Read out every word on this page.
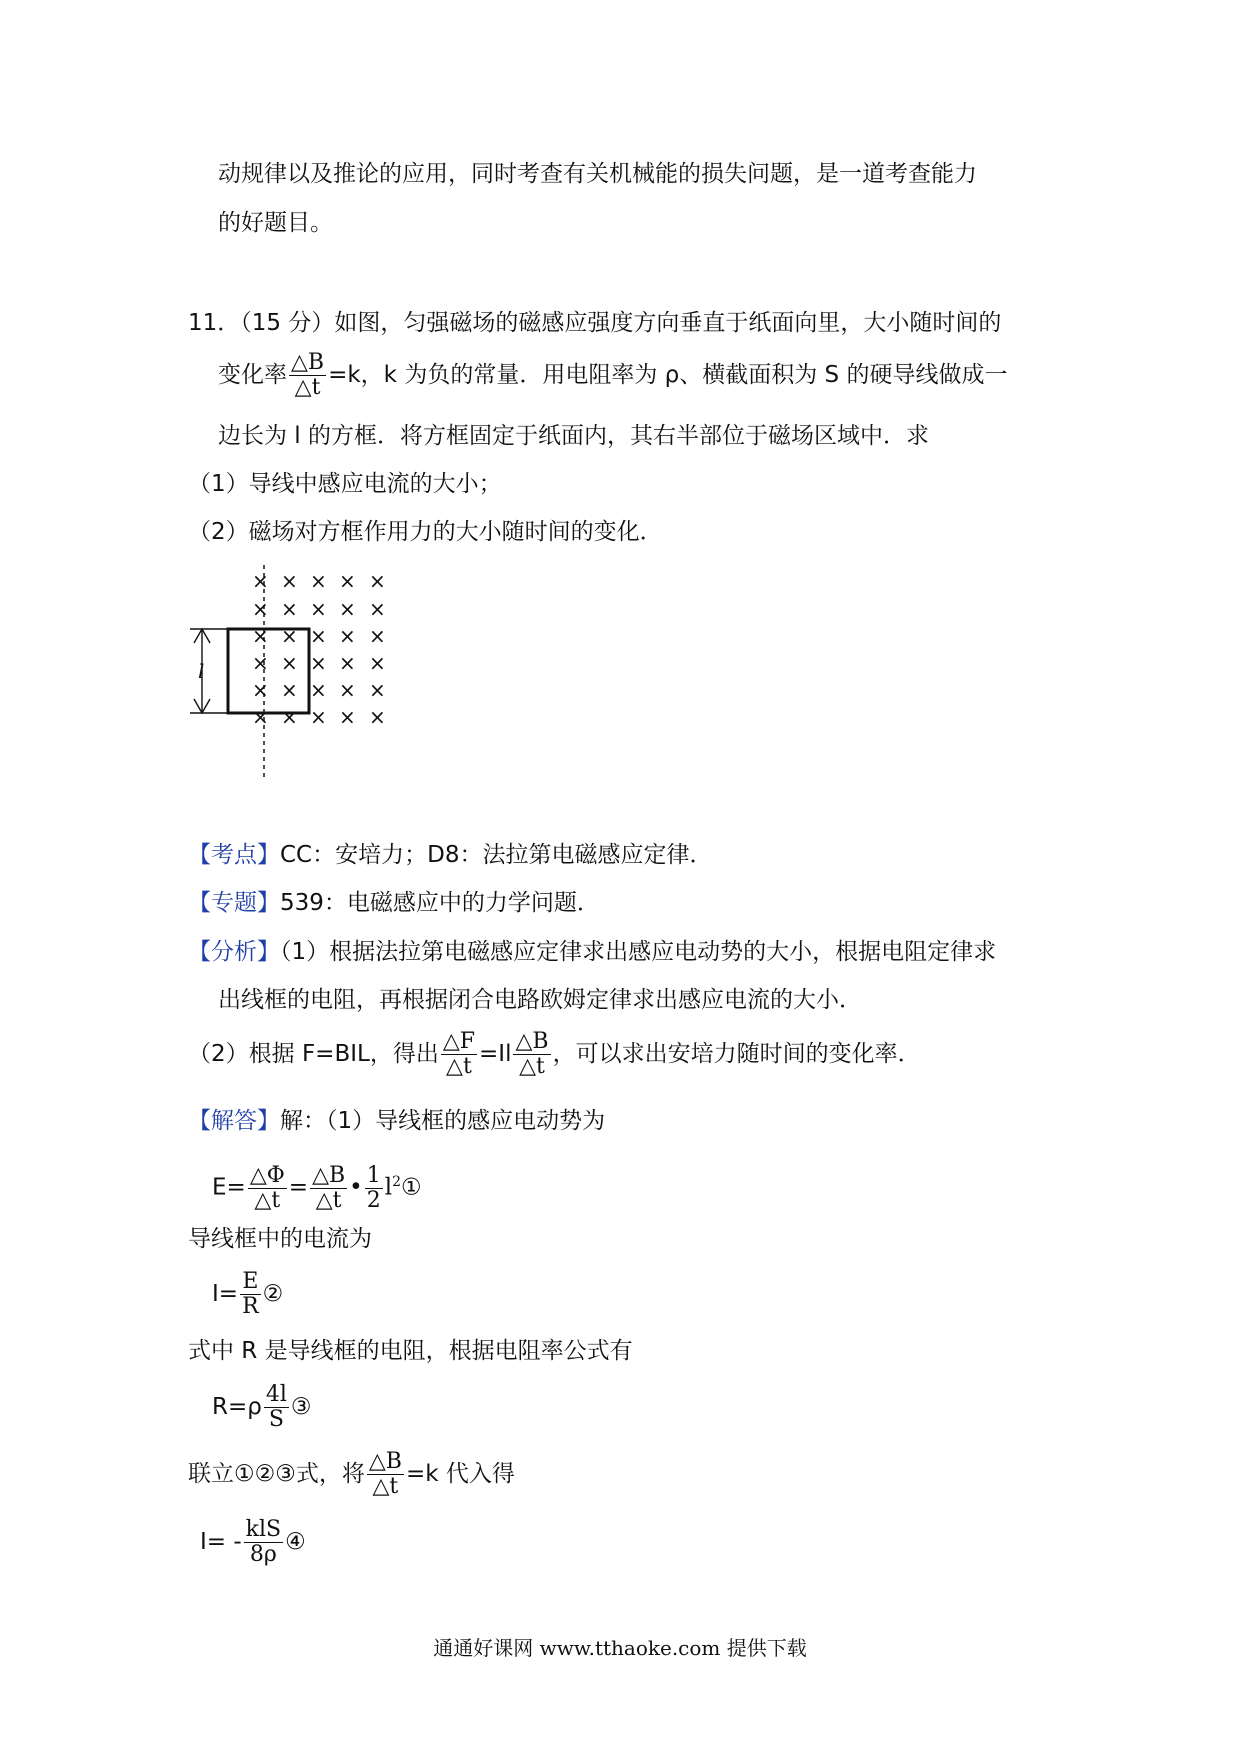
动规律以及推论的应用，同时考查有关机械能的损失问题，是一道考查能力
的好题目。
11．（15 分）如图，匀强磁场的磁感应强度方向垂直于纸面向里，大小随时间的
变化率 $\frac{\triangle B}{\triangle t} =k$，k 为负的常量．用电阻率为 ρ、横截面积为 S 的硬导线做成一
边长为 l 的方框．将方框固定于纸面内，其右半部位于磁场区域中．求
（1）导线中感应电流的大小；
（2）磁场对方框作用力的大小随时间的变化．
l
× × × × ×
× × × × ×
× × × × ×
× × × × ×
× × × × ×
× × × × ×
【考点】CC：安培力；D8：法拉第电磁感应定律．
【专题】539：电磁感应中的力学问题．
【分析】（1）根据法拉第电磁感应定律求出感应电动势的大小，根据电阻定律求
出线框的电阻，再根据闭合电路欧姆定律求出感应电流的大小．
（2）根据 F=BIL，得出 $\frac{\triangle F}{\triangle t} =Il \frac{\triangle B}{\triangle t}$ ，可以求出安培力随时间的变化率．
【解答】解：（1）导线框的感应电动势为
$E= \frac{\triangle\Phi}{\triangle t} = \frac{\triangle B}{\triangle t}$ • $\frac{1}{2}$ $l^2①$
导线框中的电流为
$I= \frac{E}{R}$ ②
式中 R 是导线框的电阻，根据电阻率公式有
$R=\rho \frac{4l}{S}$ ③
联立①②③式，将 $\frac{\triangle B}{\triangle t} =k$ 代入得
$I= - \frac{\text{klS}}{8\rho}$ ④
通通好课网 www.tthaoke.com 提供下载
